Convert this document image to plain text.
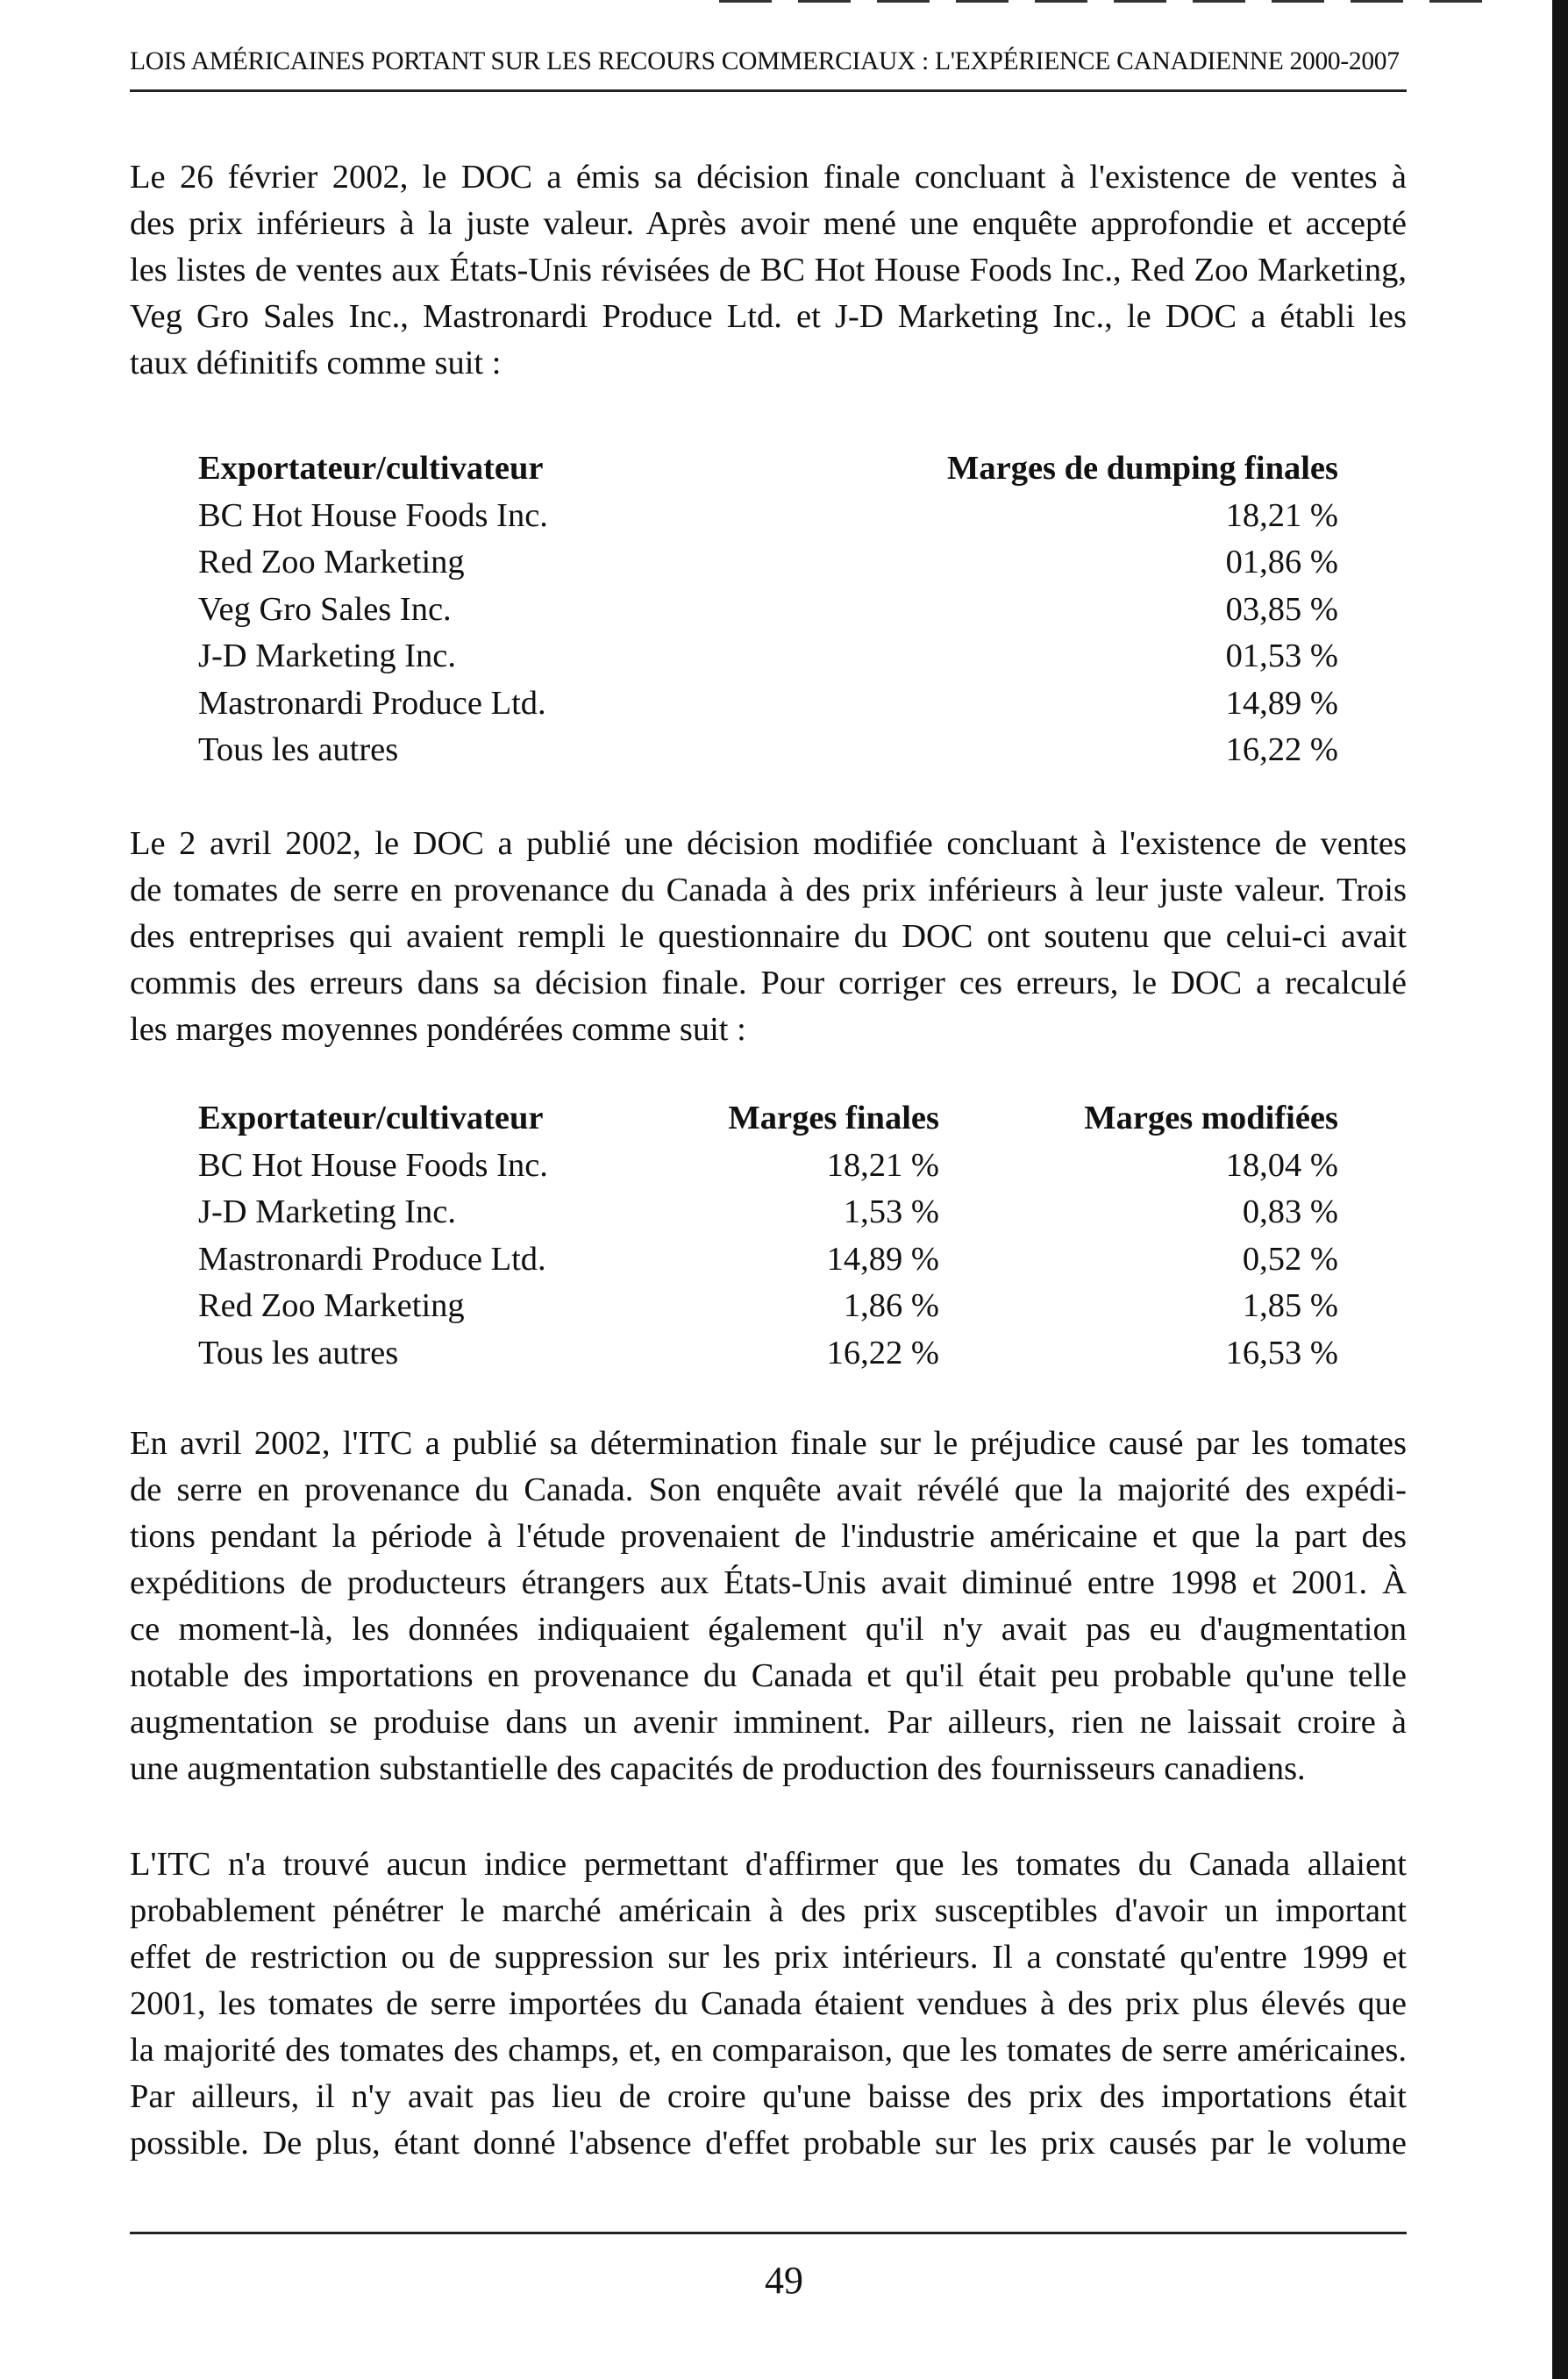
LOIS AMÉRICAINES PORTANT SUR LES RECOURS COMMERCIAUX : L'EXPÉRIENCE CANADIENNE 2000-2007
Le 26 février 2002, le DOC a émis sa décision finale concluant à l'existence de ventes à
des prix inférieurs à la juste valeur. Après avoir mené une enquête approfondie et accepté
les listes de ventes aux États-Unis révisées de BC Hot House Foods Inc., Red Zoo Marketing,
Veg Gro Sales Inc., Mastronardi Produce Ltd. et J-D Marketing Inc., le DOC a établi les
taux définitifs comme suit :
Exportateur/cultivateur	Marges de dumping finales
BC Hot House Foods Inc.	18,21 %
Red Zoo Marketing	01,86 %
Veg Gro Sales Inc.	03,85 %
J-D Marketing Inc.	01,53 %
Mastronardi Produce Ltd.	14,89 %
Tous les autres	16,22 %
Le 2 avril 2002, le DOC a publié une décision modifiée concluant à l'existence de ventes
de tomates de serre en provenance du Canada à des prix inférieurs à leur juste valeur. Trois
des entreprises qui avaient rempli le questionnaire du DOC ont soutenu que celui-ci avait
commis des erreurs dans sa décision finale. Pour corriger ces erreurs, le DOC a recalculé
les marges moyennes pondérées comme suit :
Exportateur/cultivateur	Marges finales	Marges modifiées
BC Hot House Foods Inc.	18,21 %	18,04 %
J-D Marketing Inc.	1,53 %	0,83 %
Mastronardi Produce Ltd.	14,89 %	0,52 %
Red Zoo Marketing	1,86 %	1,85 %
Tous les autres	16,22 %	16,53 %
En avril 2002, l'ITC a publié sa détermination finale sur le préjudice causé par les tomates
de serre en provenance du Canada. Son enquête avait révélé que la majorité des expédi-
tions pendant la période à l'étude provenaient de l'industrie américaine et que la part des
expéditions de producteurs étrangers aux États-Unis avait diminué entre 1998 et 2001. À
ce moment-là, les données indiquaient également qu'il n'y avait pas eu d'augmentation
notable des importations en provenance du Canada et qu'il était peu probable qu'une telle
augmentation se produise dans un avenir imminent. Par ailleurs, rien ne laissait croire à
une augmentation substantielle des capacités de production des fournisseurs canadiens.
L'ITC n'a trouvé aucun indice permettant d'affirmer que les tomates du Canada allaient
probablement pénétrer le marché américain à des prix susceptibles d'avoir un important
effet de restriction ou de suppression sur les prix intérieurs. Il a constaté qu'entre 1999 et
2001, les tomates de serre importées du Canada étaient vendues à des prix plus élevés que
la majorité des tomates des champs, et, en comparaison, que les tomates de serre américaines.
Par ailleurs, il n'y avait pas lieu de croire qu'une baisse des prix des importations était
possible. De plus, étant donné l'absence d'effet probable sur les prix causés par le volume
49
